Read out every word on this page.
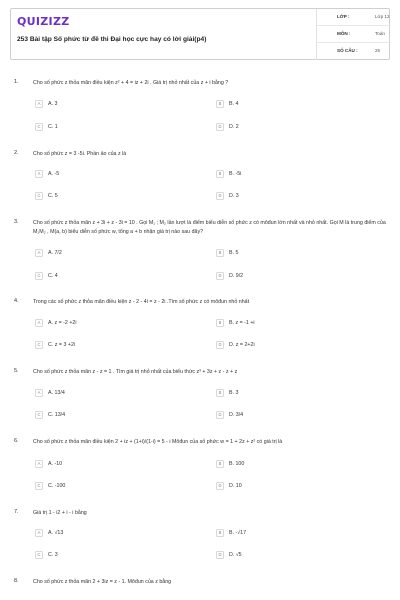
QUIZIZZ
253 Bài tập Số phức từ đề thi Đại học cực hay có lời giải(p4)
LỚP :	Lớp 12
MÔN :	Toán
SỐ CÂU :	25
1.	Cho số phức z thỏa mãn điều kiện z² + 4 = iz + 2i . Giá trị nhỏ nhất của z + i bằng ?
A	A. 3	B	B. 4
C	C. 1	D	D. 2
2.	Cho số phức z = 3 -5i. Phần ảo của z là
A	A. -5	B	B. -5i
C	C. 5	D	D. 3
3.	Cho số phức z thỏa mãn z + 3i + z - 3i = 10 . Gọi M₁ ; M₂ lần lượt là điểm biểu diễn số phức z có môđun lớn nhất và nhỏ nhất. Gọi M là trung điểm của M₁M₂ , M(a, b) biểu diễn số phức w, tổng a + b nhận giá trị nào sau đây?
A	A. 7/2	B	B. 5
C	C. 4	D	D. 9/2
4.	Trong các số phức z thỏa mãn điều kiện z - 2 - 4i = z - 2i .Tìm số phức z có môđun nhỏ nhất
A	A. z = -2 +2i	B	B. z = -1 +i
C	C. z = 3 +2i	D	D. z = 2+2i
5.	Cho số phức z thỏa mãn z - z = 1 . Tìm giá trị nhỏ nhất của biểu thức z³ + 3z + z - z + z
A	A. 13/4	B	B. 3
C	C. 13/4	D	D. 3/4
6.	Cho số phức z thỏa mãn điều kiện 2 + iz + (1+i)/(1-i) = 5 - i Môđun của số phức w = 1 + 2z + z² có giá trị là
A	A. -10	B	B. 100
C	C. -100	D	D. 10
7.	Giá trị 1 - i2 + i - i bằng
A	A. √13	B	B. -√17
C	C. 3	D	D. √5
8.	Cho số phức z thỏa mãn 2 + 3iz = z - 1. Môđun của z bằng
